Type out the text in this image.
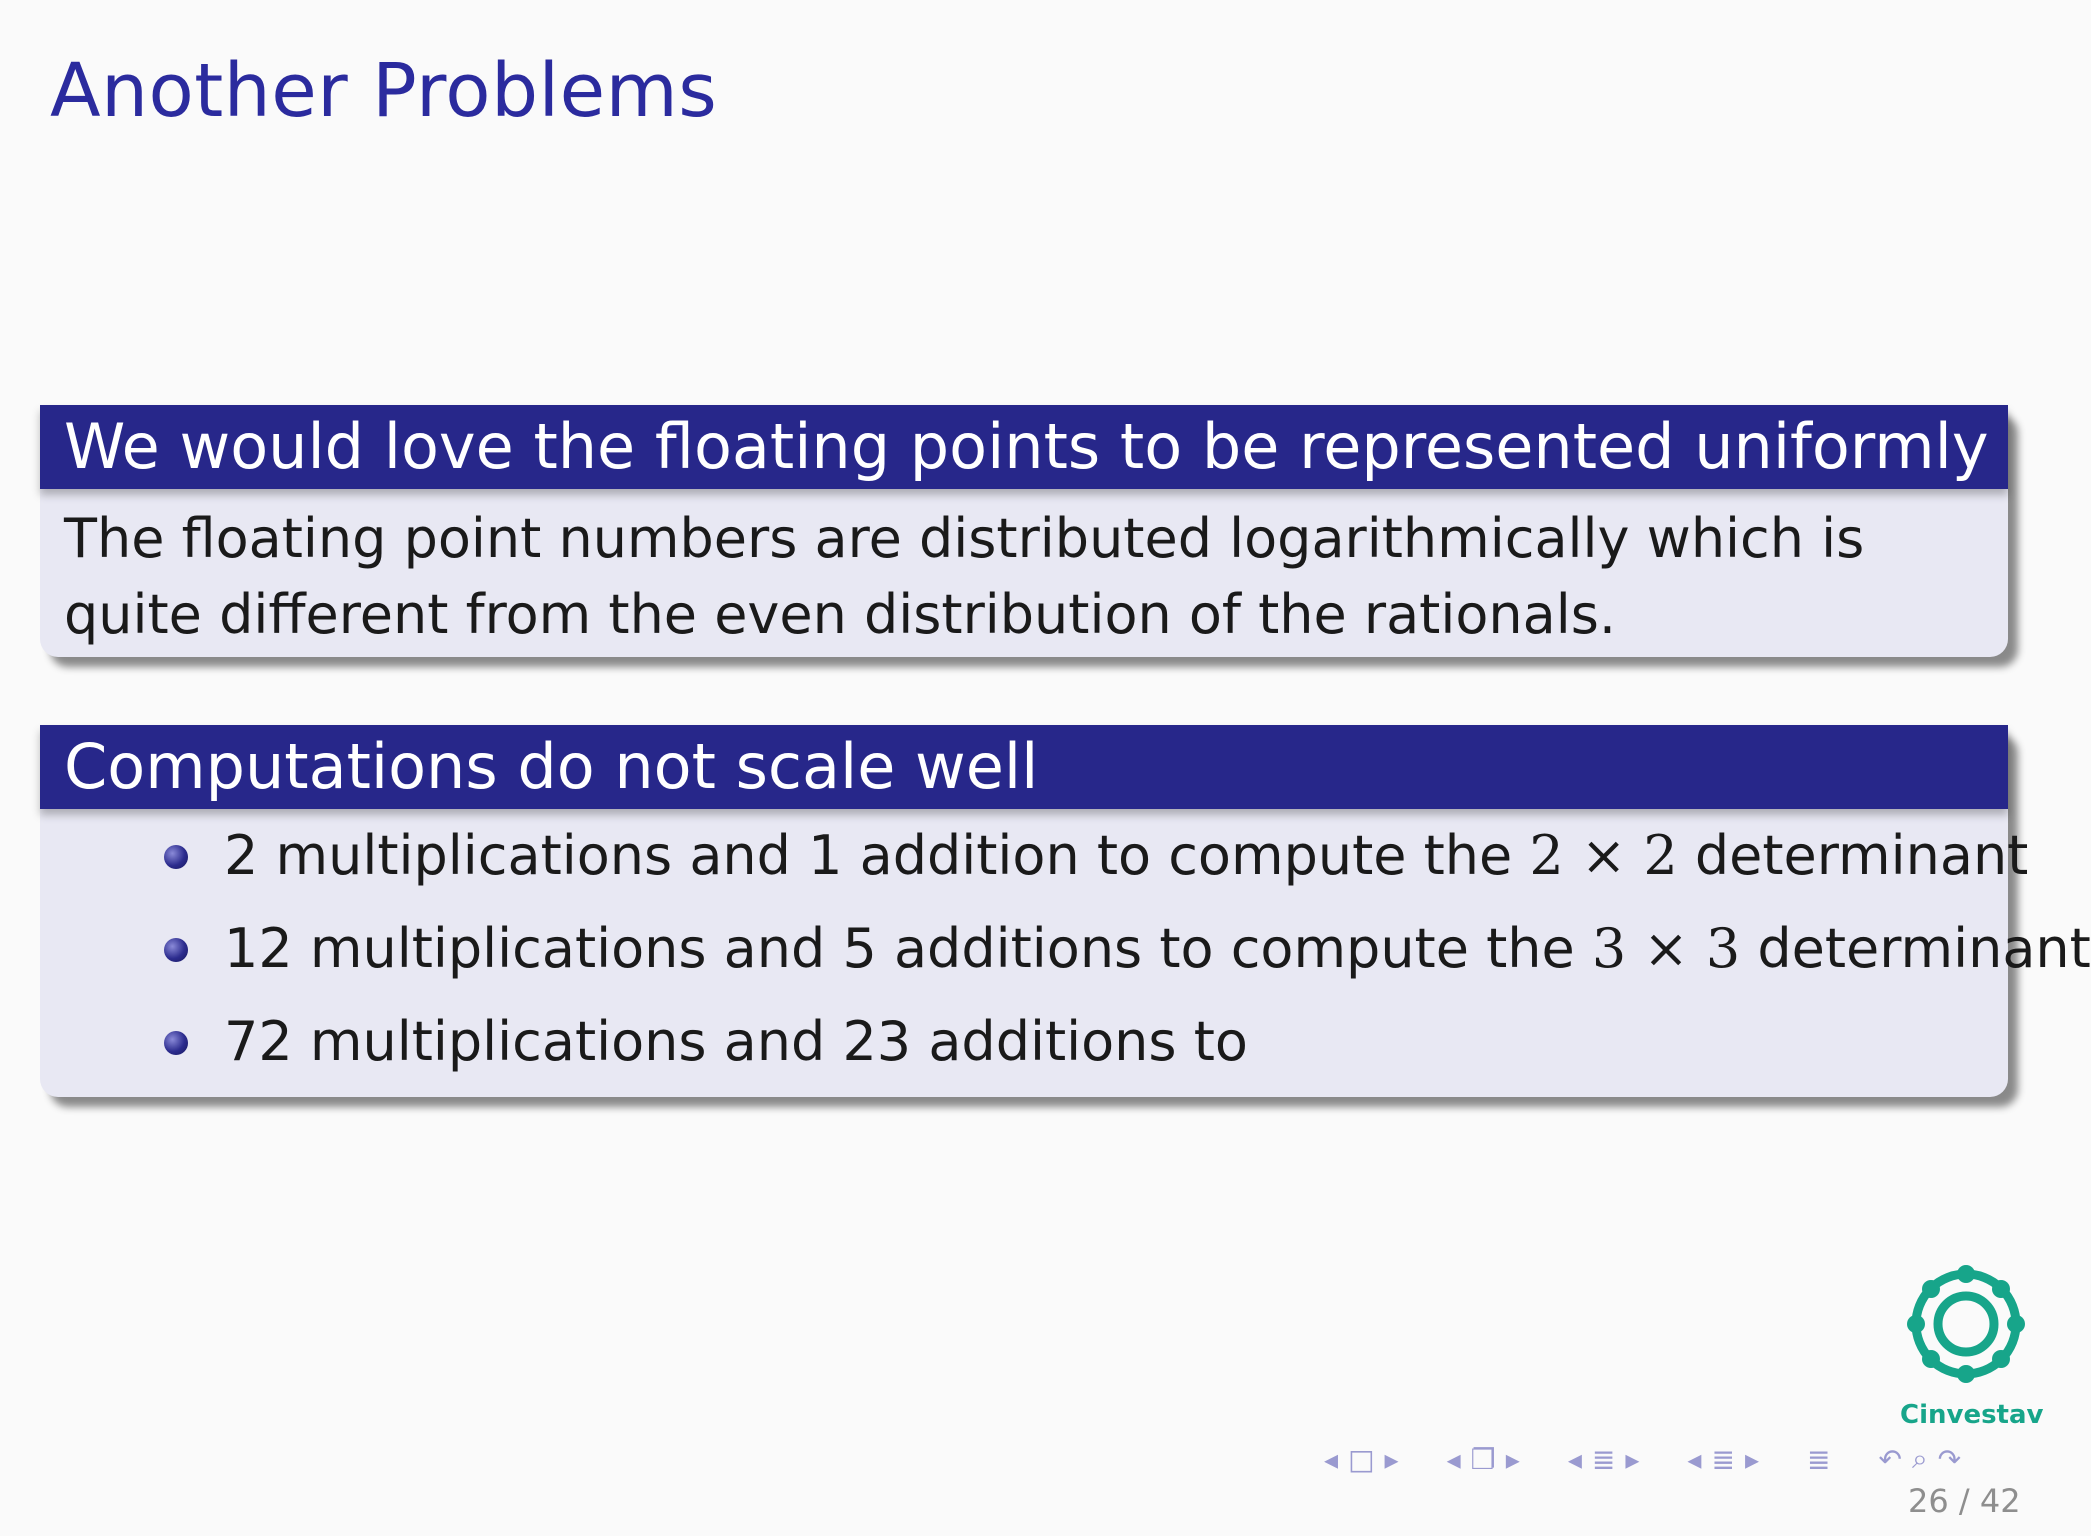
Another Problems
We would love the floating points to be represented uniformly
The floating point numbers are distributed logarithmically which is quite different from the even distribution of the rationals.
Computations do not scale well
2 multiplications and 1 addition to compute the 2 × 2 determinant
12 multiplications and 5 additions to compute the 3 × 3 determinant
72 multiplications and 23 additions to
Cinvestav
◂ □ ▸ ◂ ❐ ▸ ◂ ≣ ▸ ◂ ≣ ▸ ≣ ↶ ⌕ ↷
26 / 42
